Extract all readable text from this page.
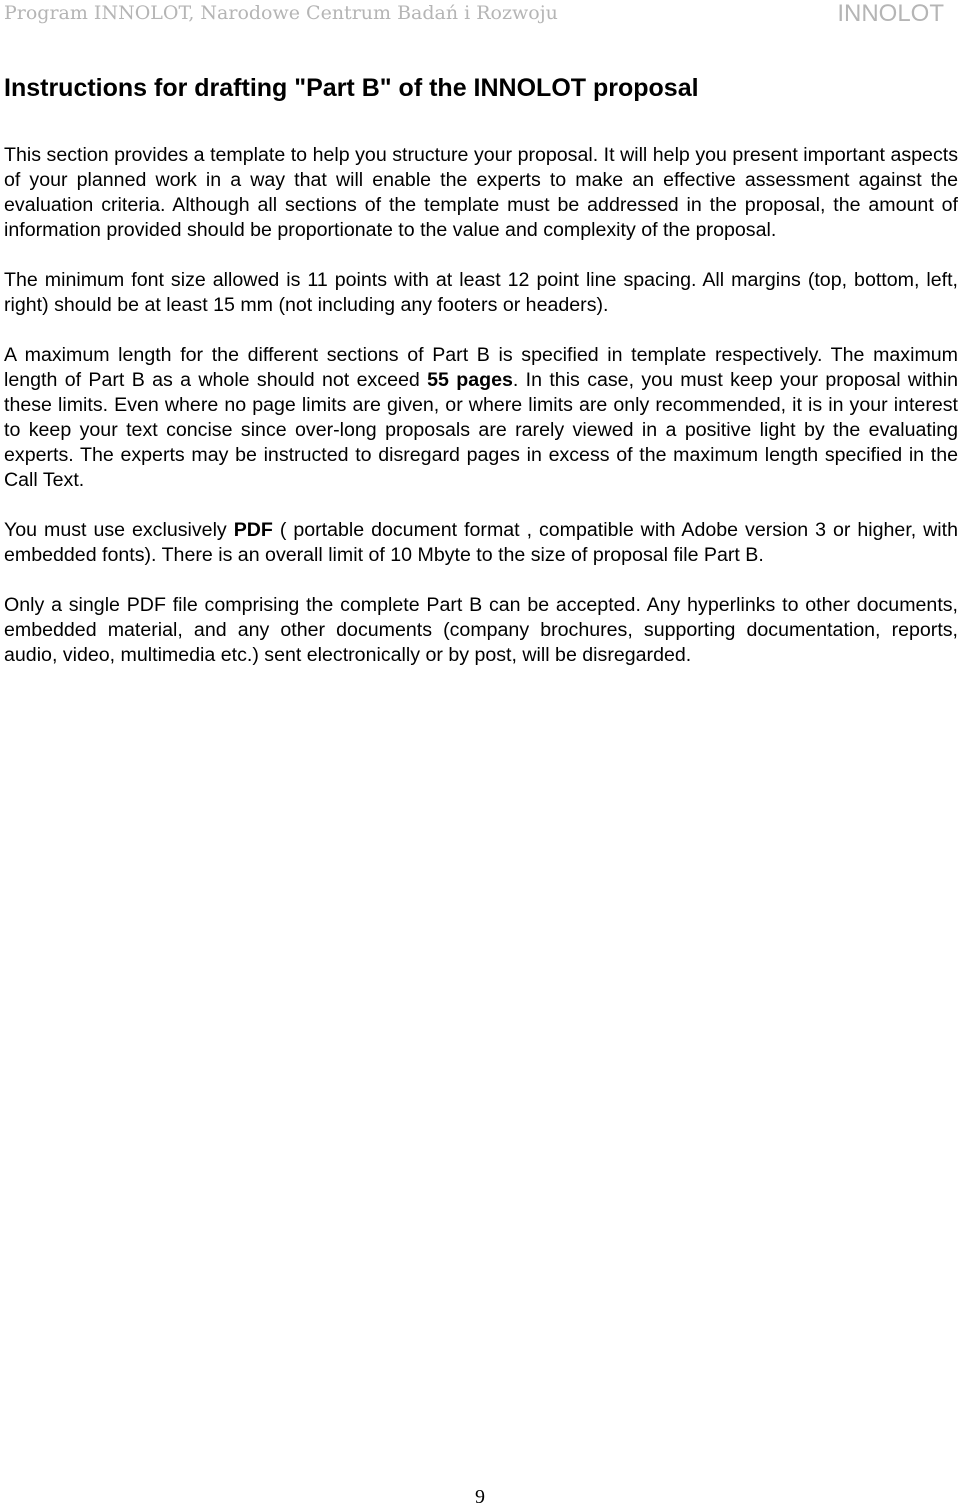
Program INNOLOT, Narodowe Centrum Badań i Rozwoju	INNOLOT
Instructions for drafting "Part B" of the INNOLOT proposal

This section provides a template to help you structure your proposal. It will help you present important aspects of your planned work in a way that will enable the experts to make an effective assessment against the evaluation criteria. Although all sections of the template must be addressed in the proposal, the amount of information provided should be proportionate to the value and complexity of the proposal.

The minimum font size allowed is 11 points with at least 12 point line spacing. All margins (top, bottom, left, right) should be at least 15 mm (not including any footers or headers).

A maximum length for the different sections of Part B is specified in template respectively. The maximum length of Part B as a whole should not exceed 55 pages. In this case, you must keep your proposal within these limits. Even where no page limits are given, or where limits are only recommended, it is in your interest to keep your text concise since over-long proposals are rarely viewed in a positive light by the evaluating experts. The experts may be instructed to disregard pages in excess of the maximum length specified in the Call Text.

You must use exclusively PDF ( portable document format , compatible with Adobe version 3 or higher, with embedded fonts). There is an overall limit of 10 Mbyte to the size of proposal file Part B.

Only a single PDF file comprising the complete Part B can be accepted. Any hyperlinks to other documents, embedded material, and any other documents (company brochures, supporting documentation, reports, audio, video, multimedia etc.) sent electronically or by post, will be disregarded.

9
